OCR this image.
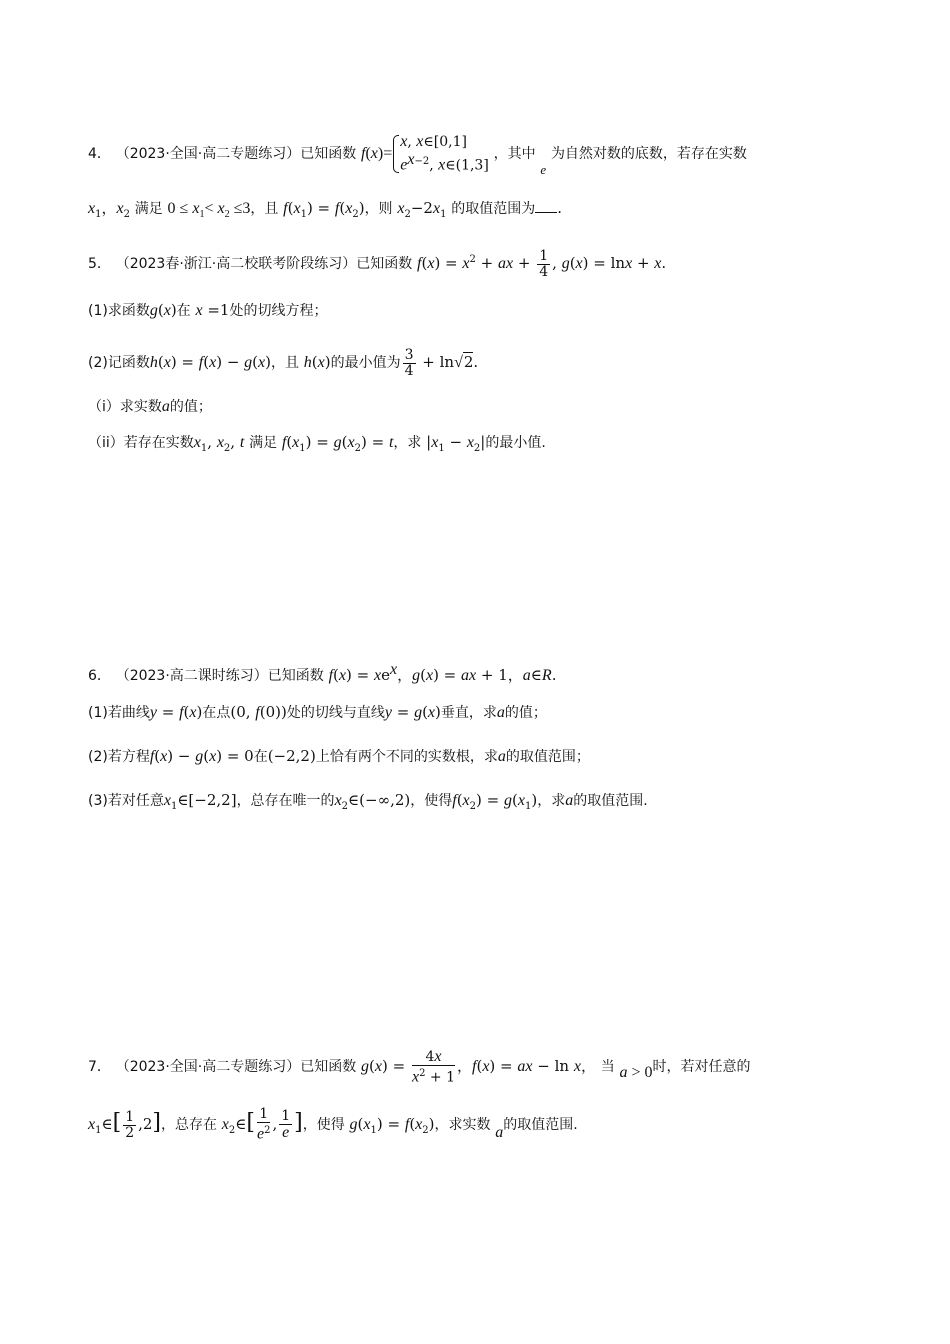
4． （2023·全国·高二专题练习）已知函数 f(x)=
x, x∈[0,1]
$e^{x-2}$, x∈(1,3]
，其中 e 为自然对数的底数，若存在实数
$x_1$，$x_2$ 满足 $0 \le x_1< x_2 \le 3$，且 $f(x_1) = f(x_2)$，则 $x_2-2x_1$ 的取值范围为 .
5． （2023春·浙江·高二校联考阶段练习）已知函数 $f(x) = x^2$ + ax + $\frac{1}{4}$ , g(x) = lnx + x.
(1)求函数g(x)在 x =1处的切线方程；
(2)记函数h(x) = f(x) − g(x)，且 h(x)的最小值为 $\frac{3}{4} + \ln√2$.
（i）求实数a的值；
（ii）若存在实数$x_1$, $x_2$, t 满足 $f(x_1) = g(x_2) = t$，求 $|x_1 - x_2|$的最小值.
6． （2023·高二课时练习）已知函数 $f(x) = xe^x$，g(x) = ax + 1，a∈R.
(1)若曲线y = f(x)在点(0, f(0))处的切线与直线y = g(x)垂直，求a的值；
(2)若方程f(x) − g(x) = 0在(−2,2)上恰有两个不同的实数根，求a的取值范围；
(3)若对任意$x_1\in[-2,2]$，总存在唯一的$x_2\in(-\infty,2)$，使得$f(x_2) = g(x_1)$，求a的取值范围.
7． （2023·全国·高二专题练习）已知函数 $g(x) = \frac{4x}{x^2 + 1}$ ，f(x) = ax − ln x， 当 a > 0时，若对任意的
$x_1\in[ \frac{1}{2} ,2]$，总存在 $x_2\in[ \frac{1}{e^2}$ , $\frac{1}{e}$ ]，使得 $g(x_1) = f(x_2)$，求实数 a的取值范围.
